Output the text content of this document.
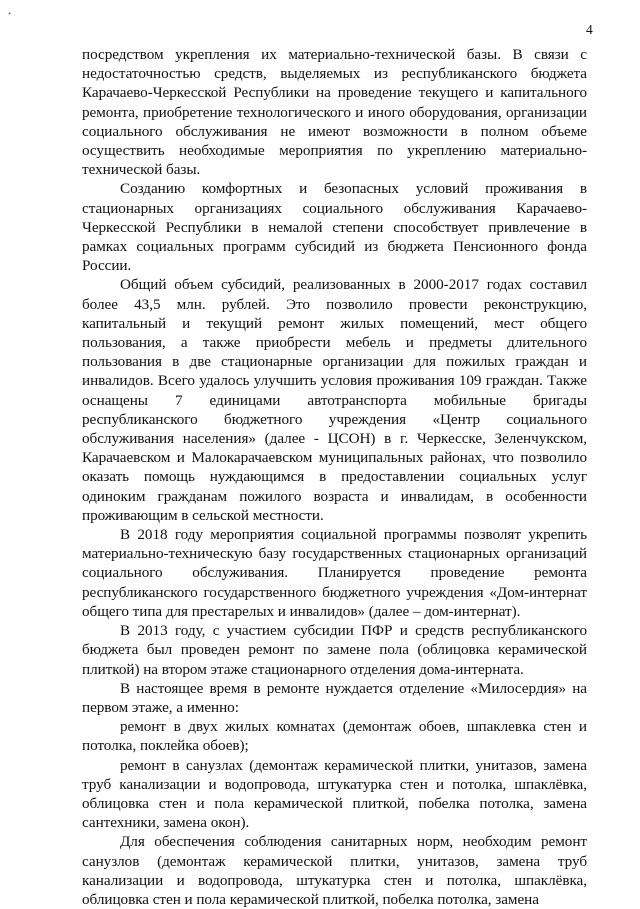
ꞏ
4

посредством укрепления их материально-технической базы. В связи с недостаточностью средств, выделяемых из республиканского бюджета Карачаево-Черкесской Республики на проведение текущего и капитального ремонта, приобретение технологического и иного оборудования, организации социального обслуживания не имеют возможности в полном объеме осуществить необходимые мероприятия по укреплению материально-технической базы.

Созданию комфортных и безопасных условий проживания в стационарных организациях социального обслуживания Карачаево-Черкесской Республики в немалой степени способствует привлечение в рамках социальных программ субсидий из бюджета Пенсионного фонда России.

Общий объем субсидий, реализованных в 2000-2017 годах составил более 43,5 млн. рублей. Это позволило провести реконструкцию, капитальный и текущий ремонт жилых помещений, мест общего пользования, а также приобрести мебель и предметы длительного пользования в две стационарные организации для пожилых граждан и инвалидов. Всего удалось улучшить условия проживания 109 граждан. Также оснащены 7 единицами автотранспорта мобильные бригады республиканского бюджетного учреждения «Центр социального обслуживания населения» (далее - ЦСОН) в г. Черкесске, Зеленчукском, Карачаевском и Малокарачаевском муниципальных районах, что позволило оказать помощь нуждающимся в предоставлении социальных услуг одиноким гражданам пожилого возраста и инвалидам, в особенности проживающим в сельской местности.

В 2018 году мероприятия социальной программы позволят укрепить материально-техническую базу государственных стационарных организаций социального обслуживания. Планируется проведение ремонта республиканского государственного бюджетного учреждения «Дом-интернат общего типа для престарелых и инвалидов» (далее – дом-интернат).

В 2013 году, с участием субсидии ПФР и средств республиканского бюджета был проведен ремонт по замене пола (облицовка керамической плиткой) на втором этаже стационарного отделения дома-интерната.

В настоящее время в ремонте нуждается отделение «Милосердия» на первом этаже, а именно:

ремонт в двух жилых комнатах (демонтаж обоев, шпаклевка стен и потолка, поклейка обоев);

ремонт в санузлах (демонтаж керамической плитки, унитазов, замена труб канализации и водопровода, штукатурка стен и потолка, шпаклёвка, облицовка стен и пола керамической плиткой, побелка потолка, замена сантехники, замена окон).

Для обеспечения соблюдения санитарных норм, необходим ремонт санузлов (демонтаж керамической плитки, унитазов, замена труб канализации и водопровода, штукатурка стен и потолка, шпаклёвка, облицовка стен и пола керамической плиткой, побелка потолка, замена
